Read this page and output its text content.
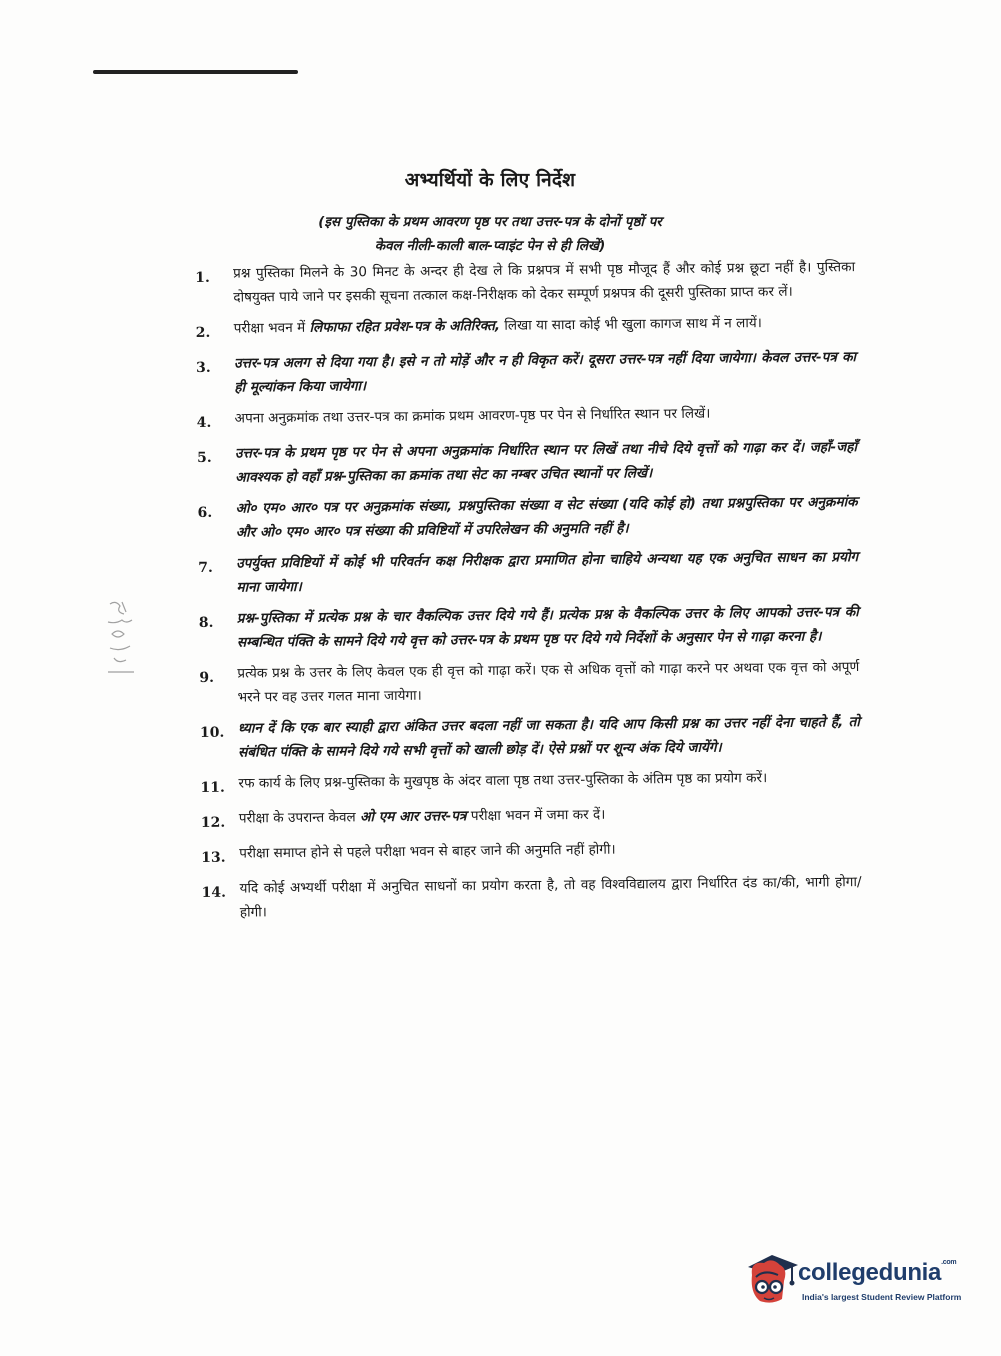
अभ्यर्थियों के लिए निर्देश
(इस पुस्तिका के प्रथम आवरण पृष्ठ पर तथा उत्तर-पत्र के दोनों पृष्ठों पर
केवल नीली-काली बाल-प्वाइंट पेन से ही लिखें)
1.	प्रश्न पुस्तिका मिलने के 30 मिनट के अन्दर ही देख ले कि प्रश्नपत्र में सभी पृष्ठ मौजूद हैं और कोई प्रश्न छूटा नहीं है। पुस्तिका दोषयुक्त पाये जाने पर इसकी सूचना तत्काल कक्ष-निरीक्षक को देकर सम्पूर्ण प्रश्नपत्र की दूसरी पुस्तिका प्राप्त कर लें।
2.	परीक्षा भवन में लिफाफा रहित प्रवेश-पत्र के अतिरिक्त, लिखा या सादा कोई भी खुला कागज साथ में न लायें।
3.	उत्तर-पत्र अलग से दिया गया है। इसे न तो मोड़ें और न ही विकृत करें। दूसरा उत्तर-पत्र नहीं दिया जायेगा। केवल उत्तर-पत्र का ही मूल्यांकन किया जायेगा।
4.	अपना अनुक्रमांक तथा उत्तर-पत्र का क्रमांक प्रथम आवरण-पृष्ठ पर पेन से निर्धारित स्थान पर लिखें।
5.	उत्तर-पत्र के प्रथम पृष्ठ पर पेन से अपना अनुक्रमांक निर्धारित स्थान पर लिखें तथा नीचे दिये वृत्तों को गाढ़ा कर दें। जहाँ-जहाँ आवश्यक हो वहाँ प्रश्न-पुस्तिका का क्रमांक तथा सेट का नम्बर उचित स्थानों पर लिखें।
6.	ओ० एम० आर० पत्र पर अनुक्रमांक संख्या, प्रश्नपुस्तिका संख्या व सेट संख्या (यदि कोई हो) तथा प्रश्नपुस्तिका पर अनुक्रमांक और ओ० एम० आर० पत्र संख्या की प्रविष्टियों में उपरिलेखन की अनुमति नहीं है।
7.	उपर्युक्त प्रविष्टियों में कोई भी परिवर्तन कक्ष निरीक्षक द्वारा प्रमाणित होना चाहिये अन्यथा यह एक अनुचित साधन का प्रयोग माना जायेगा।
8.	प्रश्न-पुस्तिका में प्रत्येक प्रश्न के चार वैकल्पिक उत्तर दिये गये हैं। प्रत्येक प्रश्न के वैकल्पिक उत्तर के लिए आपको उत्तर-पत्र की सम्बन्धित पंक्ति के सामने दिये गये वृत्त को उत्तर-पत्र के प्रथम पृष्ठ पर दिये गये निर्देशों के अनुसार पेन से गाढ़ा करना है।
9.	प्रत्येक प्रश्न के उत्तर के लिए केवल एक ही वृत्त को गाढ़ा करें। एक से अधिक वृत्तों को गाढ़ा करने पर अथवा एक वृत्त को अपूर्ण भरने पर वह उत्तर गलत माना जायेगा।
10. ध्यान दें कि एक बार स्याही द्वारा अंकित उत्तर बदला नहीं जा सकता है। यदि आप किसी प्रश्न का उत्तर नहीं देना चाहते हैं, तो संबंधित पंक्ति के सामने दिये गये सभी वृत्तों को खाली छोड़ दें। ऐसे प्रश्नों पर शून्य अंक दिये जायेंगे।
11. रफ कार्य के लिए प्रश्न-पुस्तिका के मुखपृष्ठ के अंदर वाला पृष्ठ तथा उत्तर-पुस्तिका के अंतिम पृष्ठ का प्रयोग करें।
12. परीक्षा के उपरान्त केवल ओ एम आर उत्तर-पत्र परीक्षा भवन में जमा कर दें।
13. परीक्षा समाप्त होने से पहले परीक्षा भवन से बाहर जाने की अनुमति नहीं होगी।
14. यदि कोई अभ्यर्थी परीक्षा में अनुचित साधनों का प्रयोग करता है, तो वह विश्वविद्यालय द्वारा निर्धारित दंड का/की, भागी होगा/होगी।
collegedunia$^{.com}$
India's largest Student Review Platform
